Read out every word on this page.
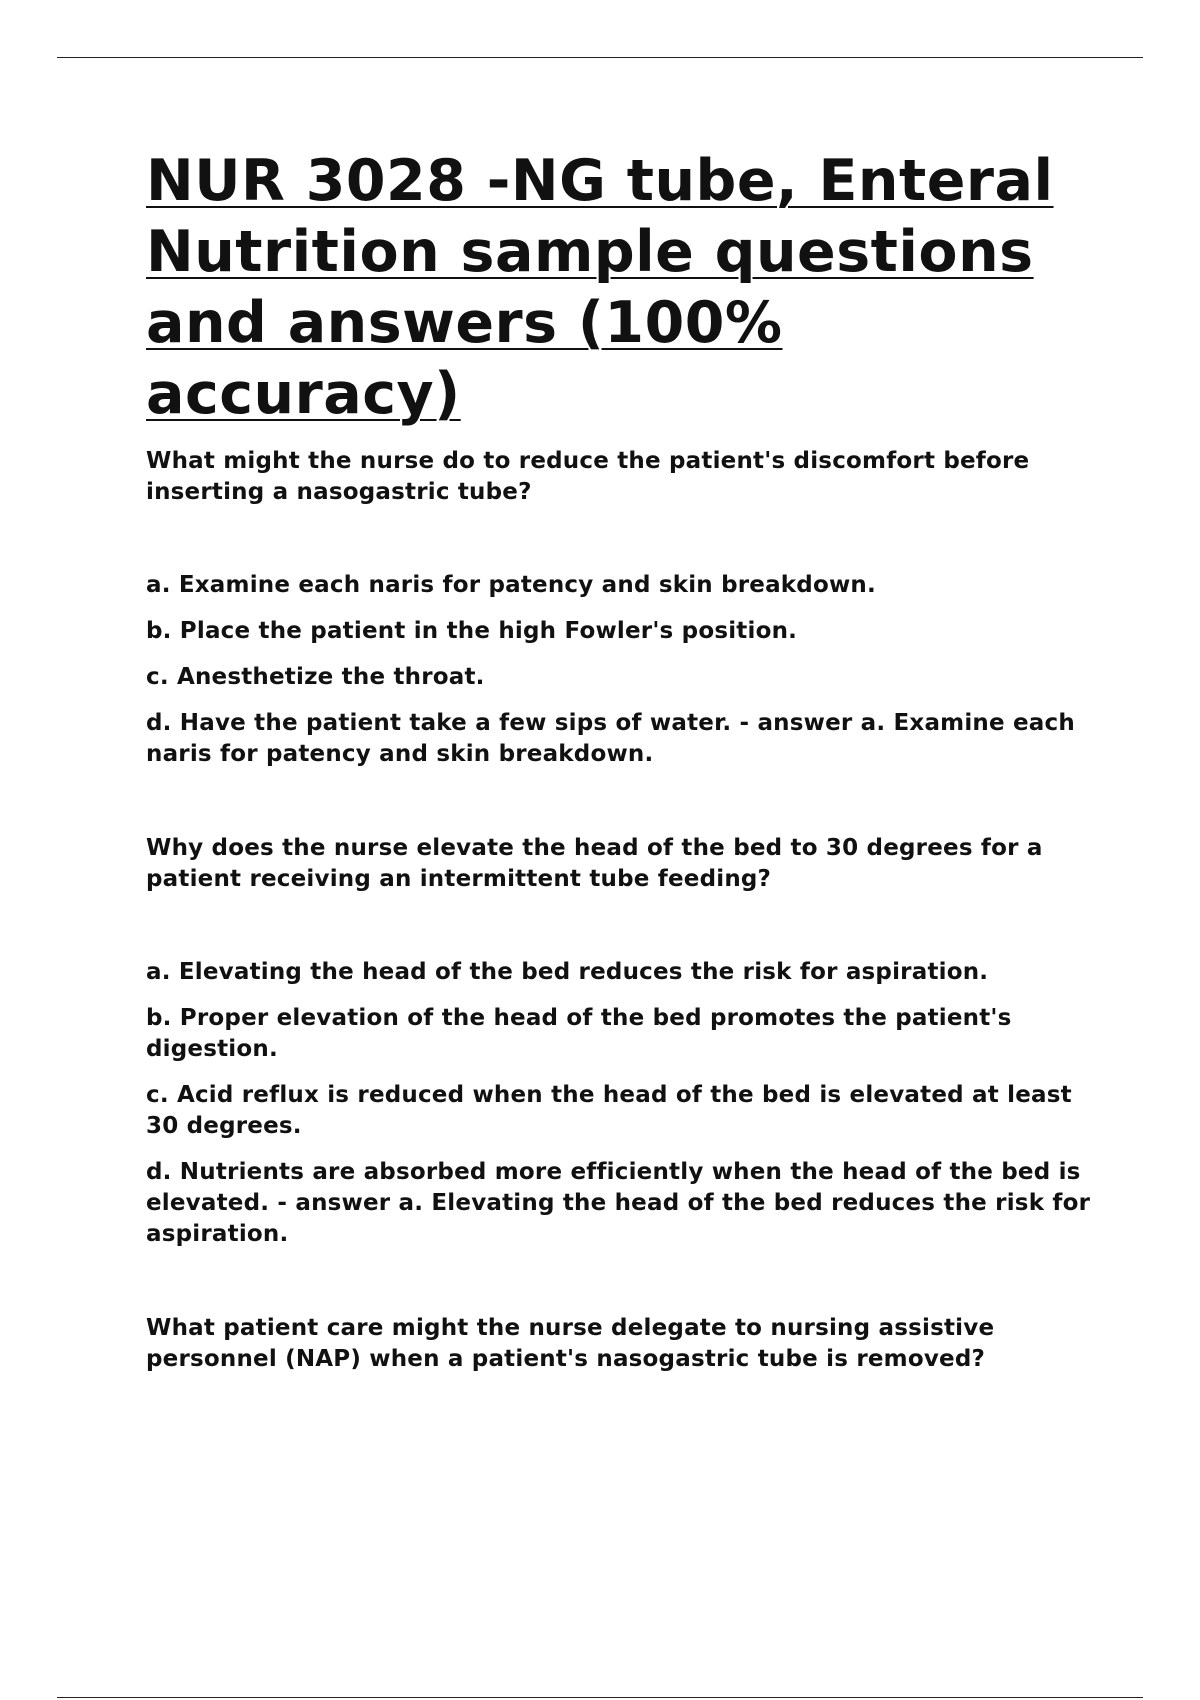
NUR 3028 -NG tube, Enteral Nutrition sample questions and answers (100% accuracy)

What might the nurse do to reduce the patient's discomfort before inserting a nasogastric tube?

a. Examine each naris for patency and skin breakdown.

b. Place the patient in the high Fowler's position.

c. Anesthetize the throat.

d. Have the patient take a few sips of water. - answer a. Examine each naris for patency and skin breakdown.

Why does the nurse elevate the head of the bed to 30 degrees for a patient receiving an intermittent tube feeding?

a. Elevating the head of the bed reduces the risk for aspiration.

b. Proper elevation of the head of the bed promotes the patient's digestion.

c. Acid reflux is reduced when the head of the bed is elevated at least 30 degrees.

d. Nutrients are absorbed more efficiently when the head of the bed is elevated. - answer a. Elevating the head of the bed reduces the risk for aspiration.

What patient care might the nurse delegate to nursing assistive personnel (NAP) when a patient's nasogastric tube is removed?
